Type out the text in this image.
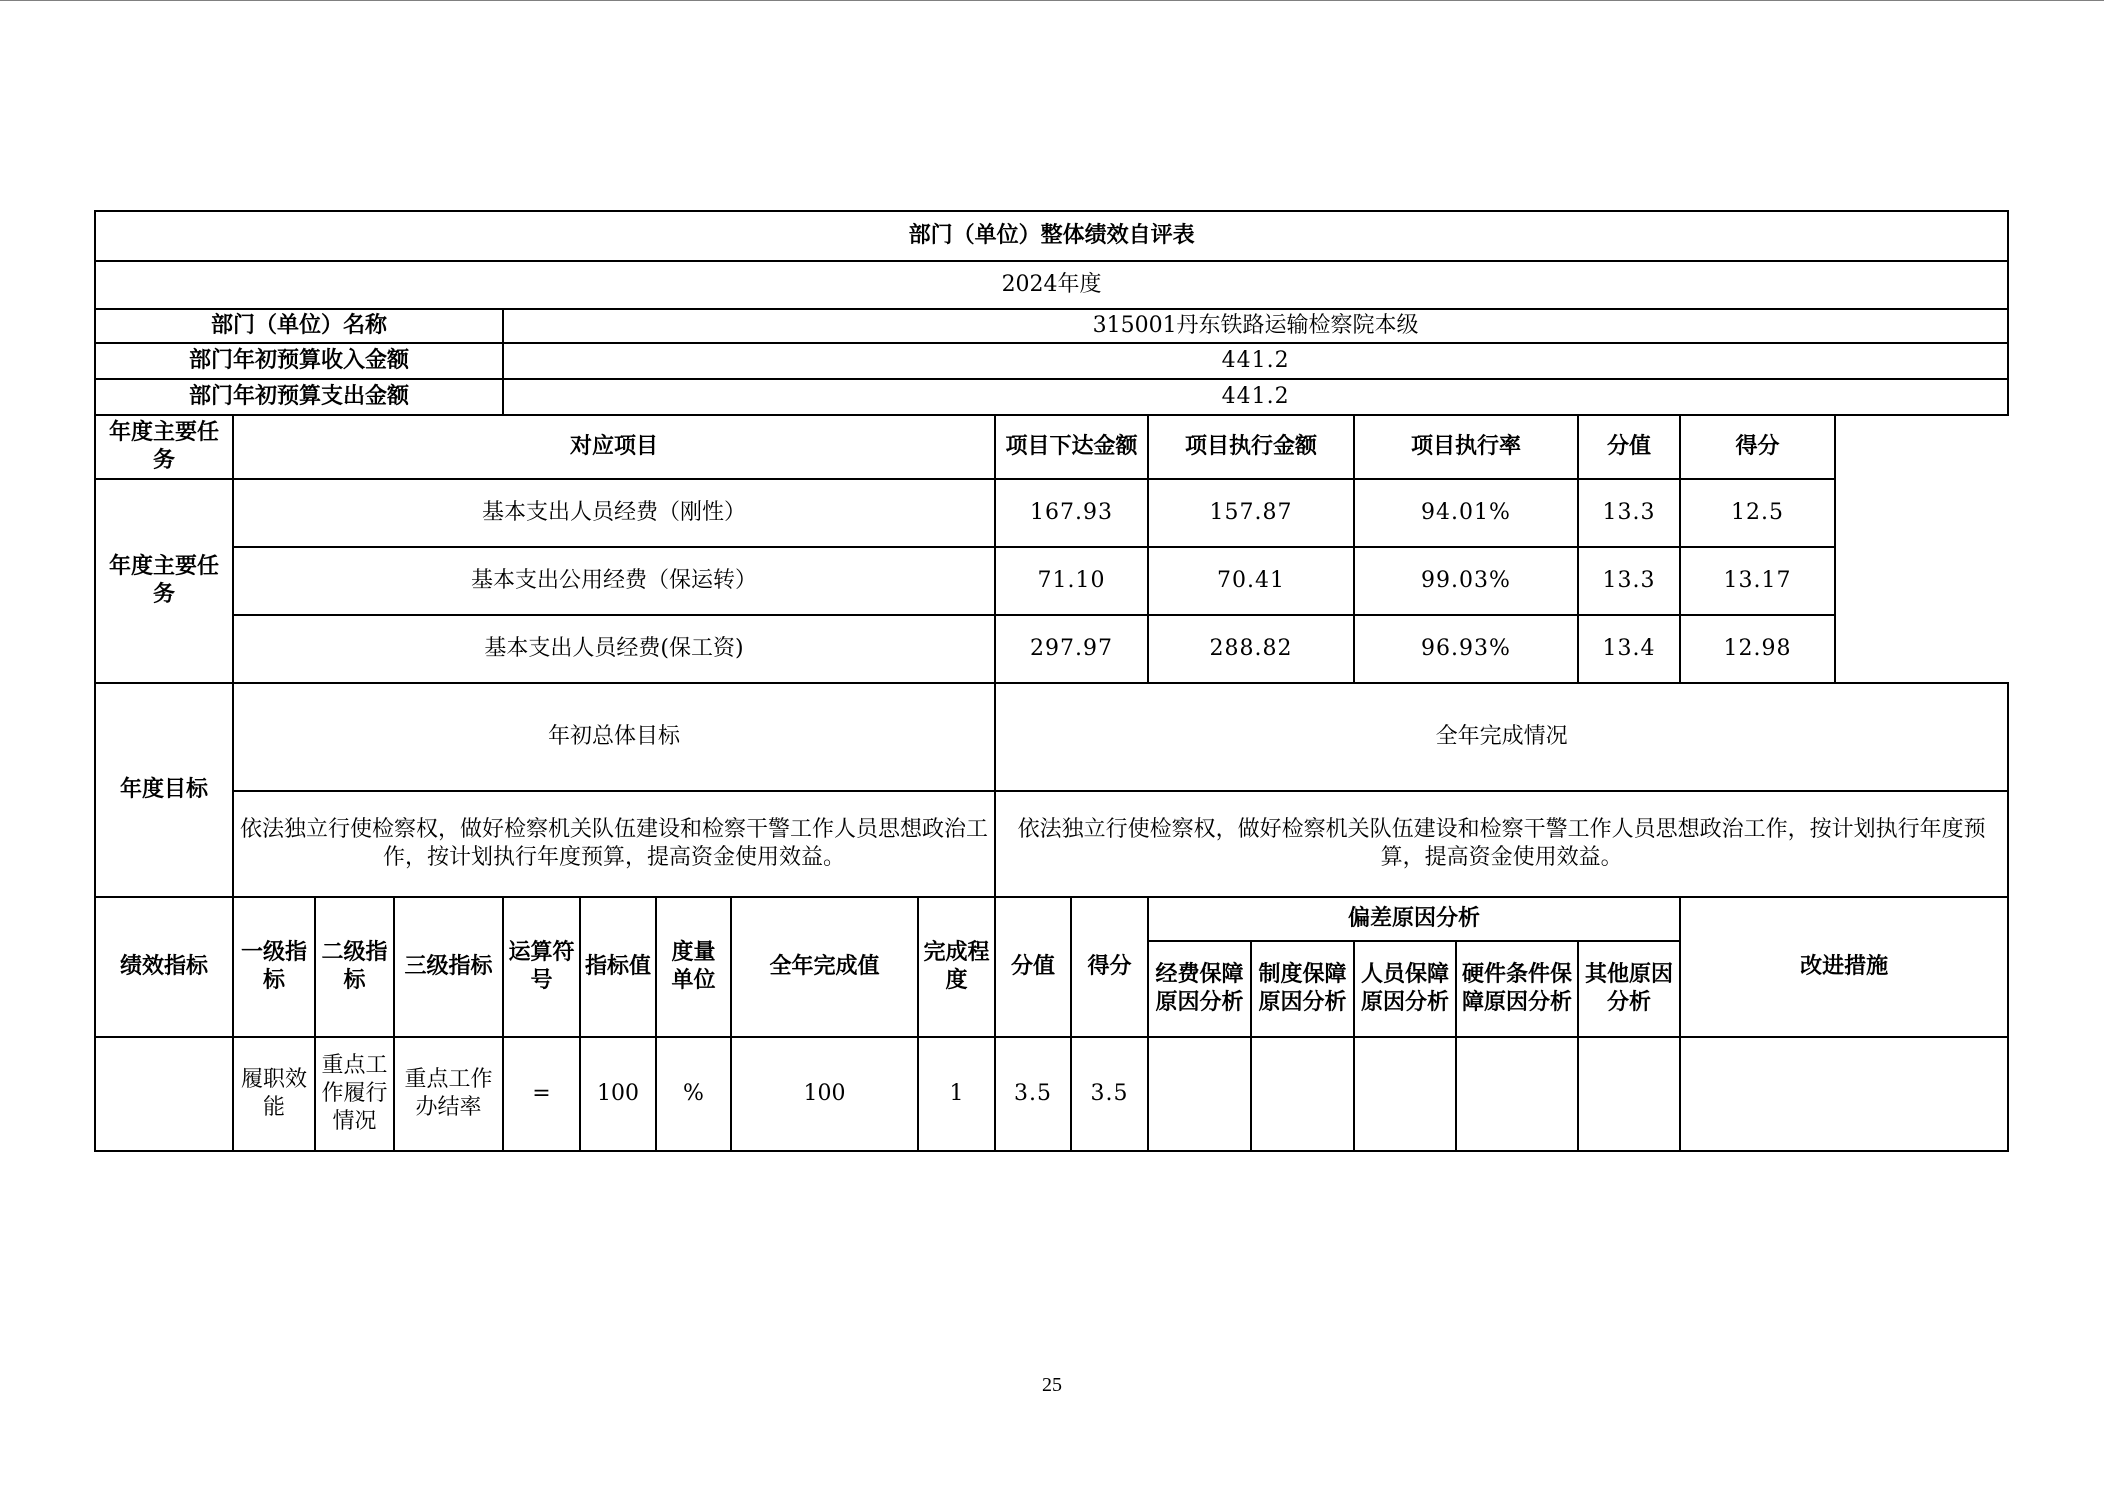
部门（单位）整体绩效自评表																
2024年度																
部门（单位）名称				315001丹东铁路运输检察院本级												
部门年初预算收入金额				441.2												
部门年初预算支出金额				441.2												
年度主要任务	对应项目								项目下达金额		项目执行金额		项目执行率		分值	得分
年度主要任务	基本支出人员经费（刚性）								167.93		157.87		94.01%		13.3	12.5
	基本支出公用经费（保运转）								71.10		70.41		99.03%		13.3	13.17
	基本支出人员经费(保工资)								297.97		288.82		96.93%		13.4	12.98
年度目标	年初总体目标								全年完成情况							
	依法独立行使检察权，做好检察机关队伍建设和检察干警工作人员思想政治工作，按计划执行年度预算，提高资金使用效益。								依法独立行使检察权，做好检察机关队伍建设和检察干警工作人员思想政治工作，按计划执行年度预算，提高资金使用效益。							
绩效指标	一级指标	二级指标	三级指标	运算符号	指标值	度量单位	全年完成值	完成程度	分值	得分	偏差原因分析					改进措施
											经费保障原因分析	制度保障原因分析	人员保障原因分析	硬件条件保障原因分析	其他原因分析	
	履职效能	重点工作履行情况	重点工作办结率	=	100	%	100	1	3.5	3.5						
25
